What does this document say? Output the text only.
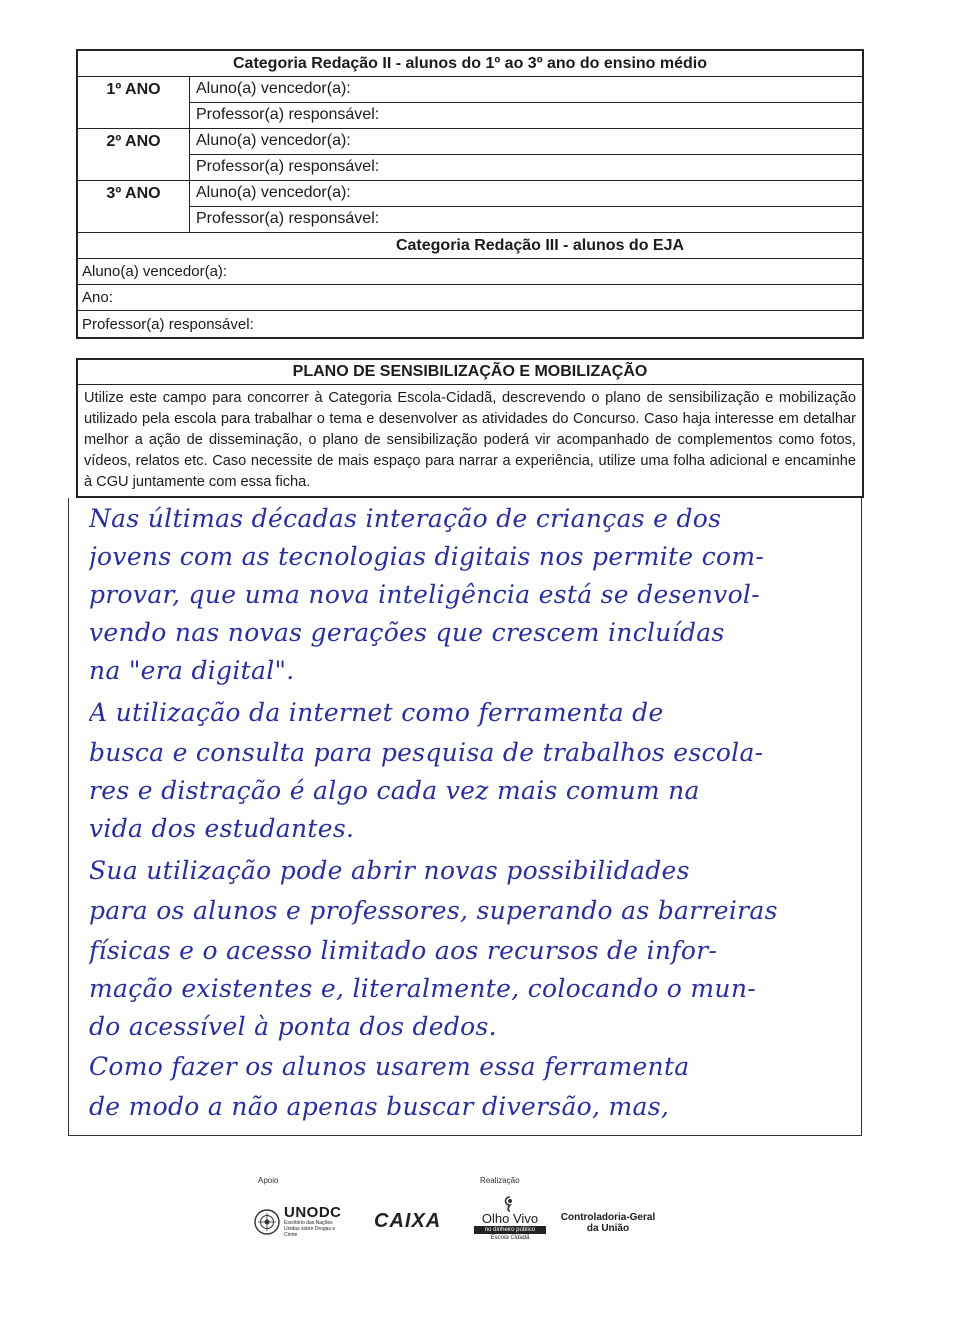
Categoria Redação II - alunos do 1º ao 3º ano do ensino médio
1º ANO	Aluno(a) vencedor(a):
Professor(a) responsável:
2º ANO	Aluno(a) vencedor(a):
Professor(a) responsável:
3º ANO	Aluno(a) vencedor(a):
Professor(a) responsável:
Categoria Redação III - alunos do EJA
Aluno(a) vencedor(a):
Ano:
Professor(a) responsável:
PLANO DE SENSIBILIZAÇÃO E MOBILIZAÇÃO
Utilize este campo para concorrer à Categoria Escola-Cidadã, descrevendo o plano de sensibilização e mobilização utilizado pela escola para trabalhar o tema e desenvolver as atividades do Concurso. Caso haja interesse em detalhar melhor a ação de disseminação, o plano de sensibilização poderá vir acompanhado de complementos como fotos, vídeos, relatos etc. Caso necessite de mais espaço para narrar a experiência, utilize uma folha adicional e encaminhe à CGU juntamente com essa ficha.
Nas últimas décadas interação de crianças e dos
jovens com as tecnologias digitais nos permite com-
provar, que uma nova inteligência está se desenvol-
vendo nas novas gerações que crescem incluídas
na "era digital".
A utilização da internet como ferramenta de
busca e consulta para pesquisa de trabalhos escola-
res e distração é algo cada vez mais comum na
vida dos estudantes.
Sua utilização pode abrir novas possibilidades
para os alunos e professores, superando as barreiras
físicas e o acesso limitado aos recursos de infor-
mação existentes e, literalmente, colocando o mun-
do acessível à ponta dos dedos.
Como fazer os alunos usarem essa ferramenta
de modo a não apenas buscar diversão, mas,
Apoio	Realização
UNODC
Escritório das Nações Unidas sobre Drogas e Crime
CAIXA	Olho Vivo
no dinheiro público
Escola Cidadã
Controladoria-Geral da União
